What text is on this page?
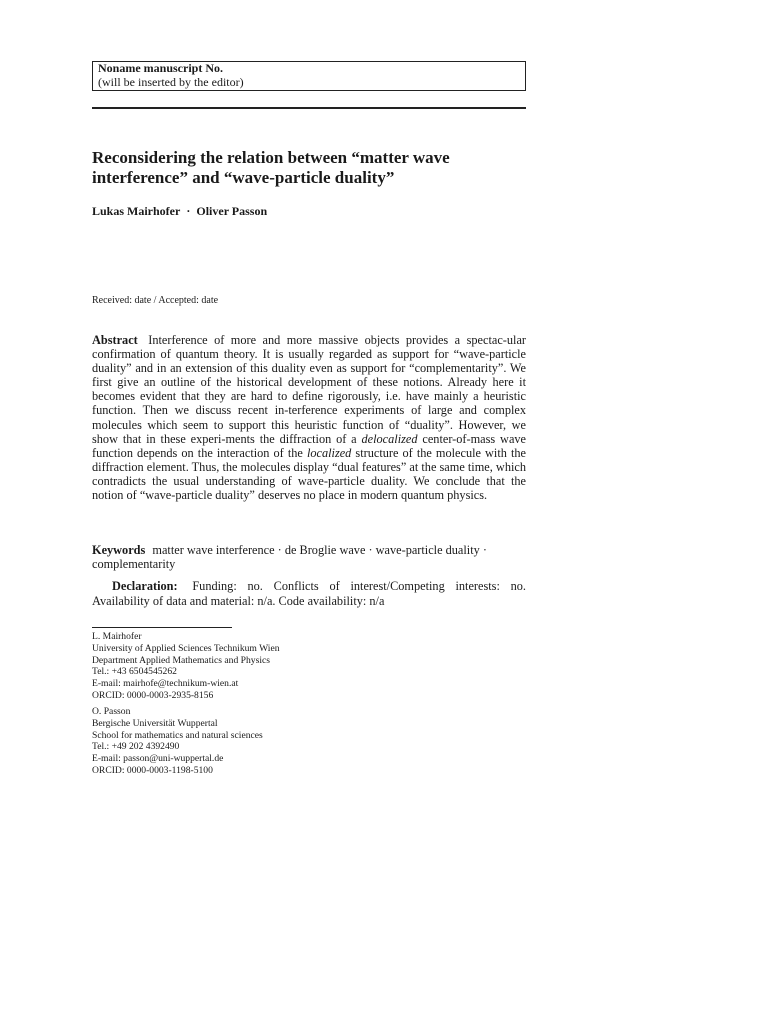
Noname manuscript No.
(will be inserted by the editor)
Reconsidering the relation between “matter wave
interference” and “wave-particle duality”
Lukas Mairhofer · Oliver Passon
Received: date / Accepted: date

Abstract Interference of more and more massive objects provides a spectac-ular confirmation of quantum theory. It is usually regarded as support for “wave-particle duality” and in an extension of this duality even as support for “complementarity”. We first give an outline of the historical development of these notions. Already here it becomes evident that they are hard to define rigorously, i.e. have mainly a heuristic function. Then we discuss recent in-terference experiments of large and complex molecules which seem to support this heuristic function of “duality”. However, we show that in these experi-ments the diffraction of a delocalized center-of-mass wave function depends on the interaction of the localized structure of the molecule with the diffraction element. Thus, the molecules display “dual features” at the same time, which contradicts the usual understanding of wave-particle duality. We conclude that the notion of “wave-particle duality” deserves no place in modern quantum physics.

Keywords matter wave interference · de Broglie wave · wave-particle duality · complementarity

Declaration: Funding: no. Conflicts of interest/Competing interests: no. Availability of data and material: n/a. Code availability: n/a

L. Mairhofer
University of Applied Sciences Technikum Wien
Department Applied Mathematics and Physics
Tel.: +43 6504545262
E-mail: mairhofe@technikum-wien.at
ORCID: 0000-0003-2935-8156
O. Passon
Bergische Universität Wuppertal
School for mathematics and natural sciences
Tel.: +49 202 4392490
E-mail: passon@uni-wuppertal.de
ORCID: 0000-0003-1198-5100
